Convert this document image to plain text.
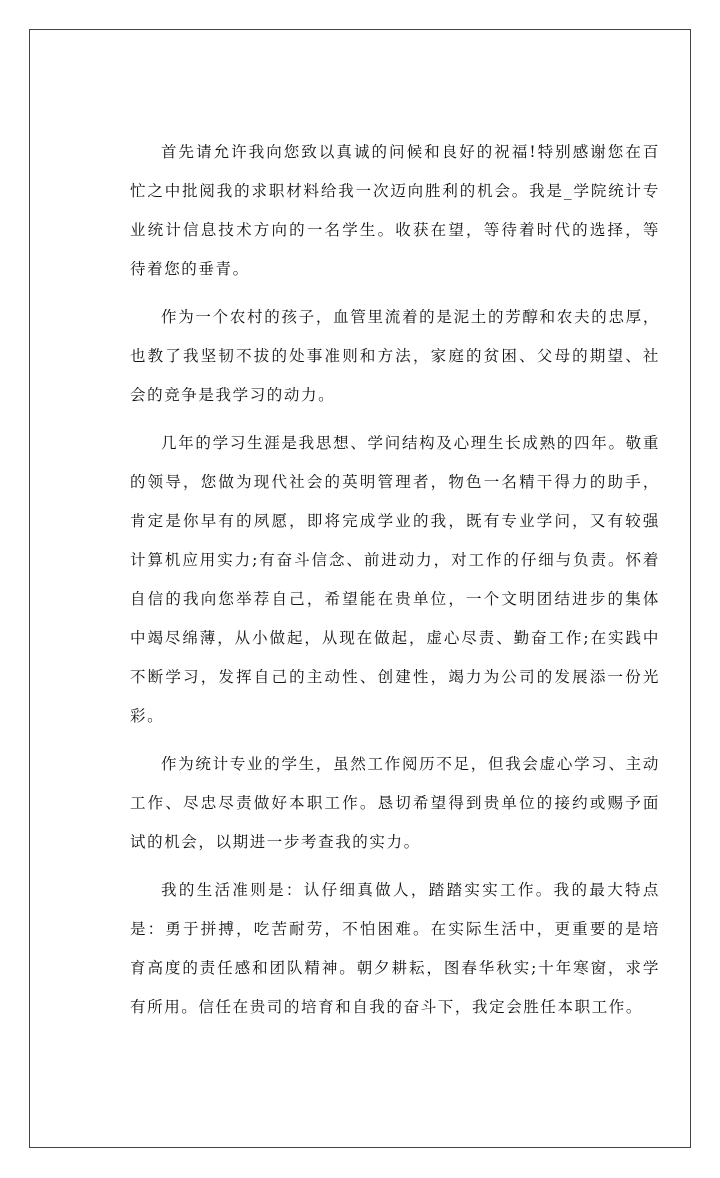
首先请允许我向您致以真诚的问候和良好的祝福!特别感谢您在百忙之中批阅我的求职材料给我一次迈向胜利的机会。我是_学院统计专业统计信息技术方向的一名学生。收获在望，等待着时代的选择，等待着您的垂青。

作为一个农村的孩子，血管里流着的是泥土的芳醇和农夫的忠厚，也教了我坚韧不拔的处事准则和方法，家庭的贫困、父母的期望、社会的竞争是我学习的动力。

几年的学习生涯是我思想、学问结构及心理生长成熟的四年。敬重的领导，您做为现代社会的英明管理者，物色一名精干得力的助手，肯定是你早有的夙愿，即将完成学业的我，既有专业学问，又有较强计算机应用实力;有奋斗信念、前进动力，对工作的仔细与负责。怀着自信的我向您举荐自己，希望能在贵单位，一个文明团结进步的集体中竭尽绵薄，从小做起，从现在做起，虚心尽责、勤奋工作;在实践中不断学习，发挥自己的主动性、创建性，竭力为公司的发展添一份光彩。

作为统计专业的学生，虽然工作阅历不足，但我会虚心学习、主动工作、尽忠尽责做好本职工作。恳切希望得到贵单位的接约或赐予面试的机会，以期进一步考查我的实力。

我的生活准则是：认仔细真做人，踏踏实实工作。我的最大特点是：勇于拼搏，吃苦耐劳，不怕困难。在实际生活中，更重要的是培育高度的责任感和团队精神。朝夕耕耘，图春华秋实;十年寒窗，求学有所用。信任在贵司的培育和自我的奋斗下，我定会胜任本职工作。
